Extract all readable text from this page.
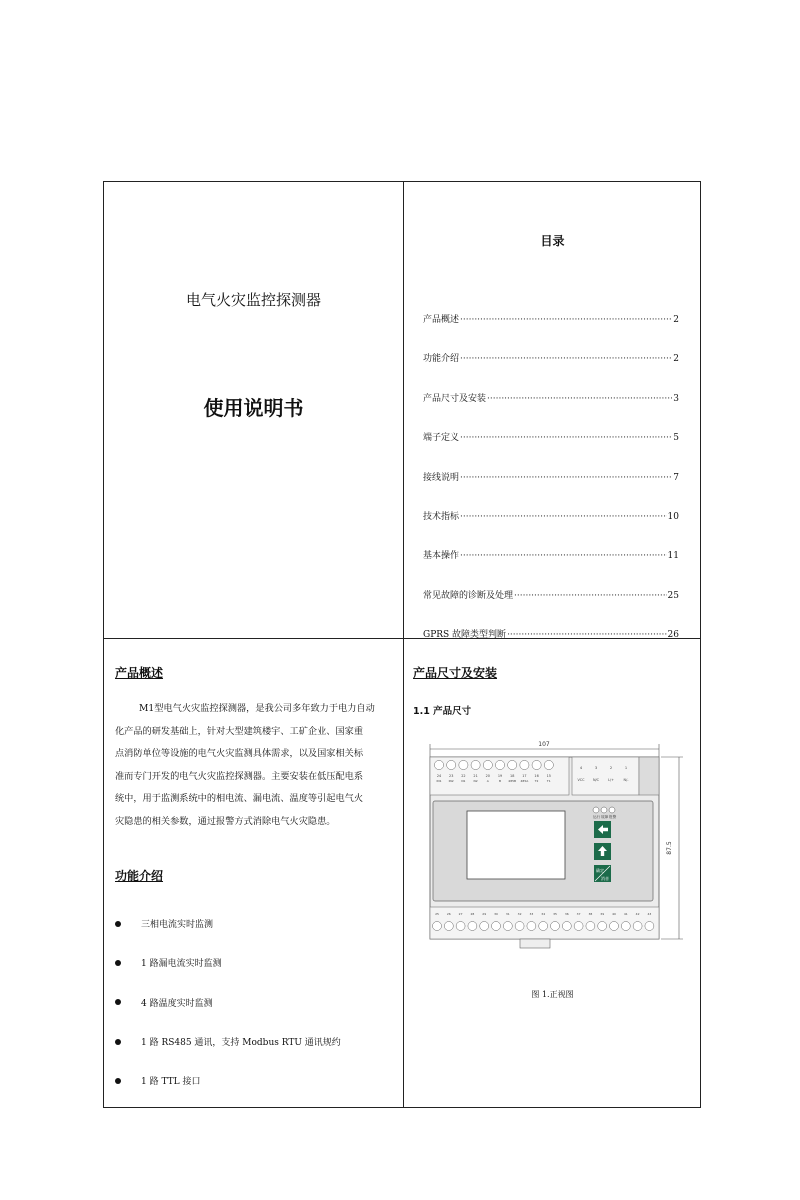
电气火灾监控探测器
使用说明书
目录
产品概述 ·····	2
功能介绍 ·····	2
产品尺寸及安装 ·····	3
端子定义 ·····	5
接线说明 ·····	7
技术指标 ·····	10
基本操作 ·····	11
常见故障的诊断及处理 ·····	25
GPRS 故障类型判断 ·····	26
产品概述

M1型电气火灾监控探测器，是我公司多年致力于电力自动
化产品的研发基础上，针对大型建筑楼宇、工矿企业、国家重
点消防单位等设施的电气火灾监测具体需求，以及国家相关标
准而专门开发的电气火灾监控探测器。主要安装在低压配电系
统中，用于监测系统中的相电流、漏电流、温度等引起电气火
灾隐患的相关参数，通过报警方式消除电气火灾隐患。

功能介绍
三相电流实时监测
1 路漏电流实时监测
4 路温度实时监测
1 路 RS485 通讯，支持 Modbus RTU 通讯规约
1 路 TTL 接口
产品尺寸及安装
1.1 产品尺寸
107
87.5
24
IN1
23
IN2
22
N1
21
N2
20
A
19
B
18
485B
17
485A
16
T2
15
T1
4
VCC
3
N/C
2
L/+
1
N/-
运行 故障 报警
确定
消音
25	26	27	28	29	30	31	32	33	34	35	36	37	38	39	40	41	42	43
图 1.正视图
